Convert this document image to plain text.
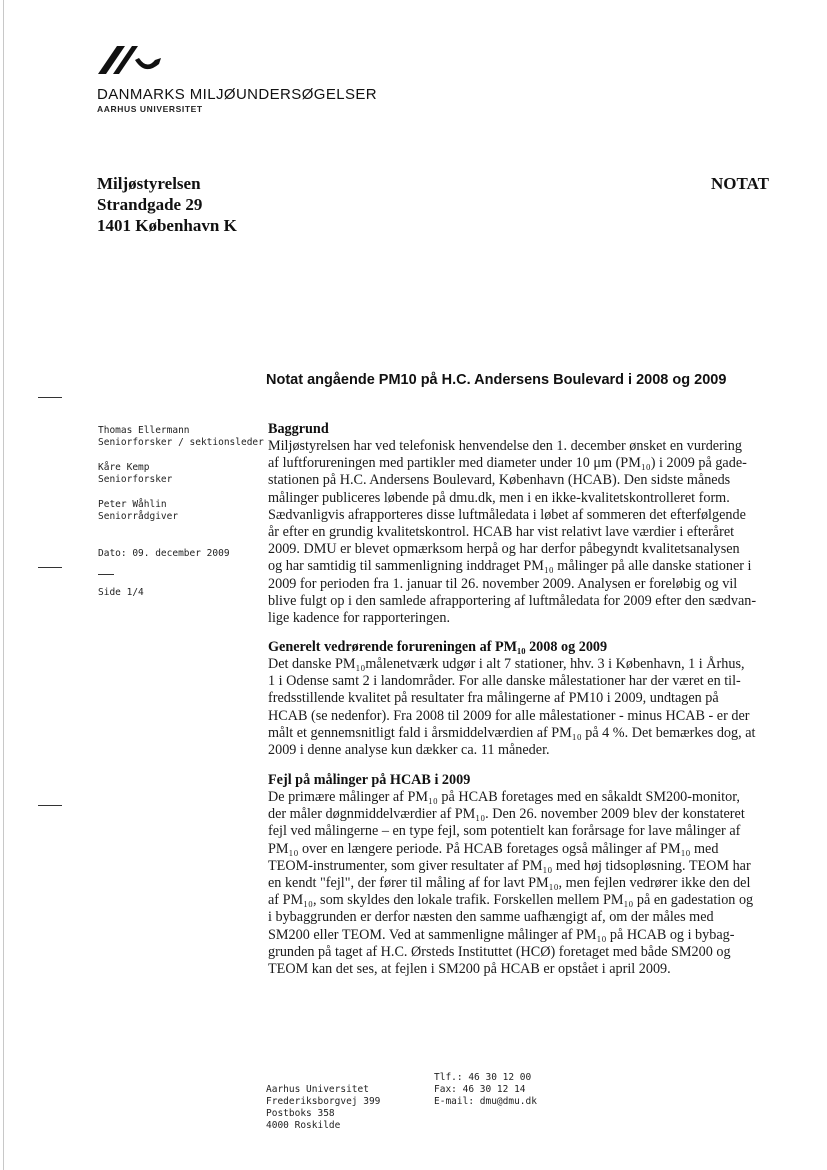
DANMARKS MILJØUNDERSØGELSER
AARHUS UNIVERSITET
Miljøstyrelsen
Strandgade 29
1401 København K
NOTAT
Notat angående PM10 på H.C. Andersens Boulevard i 2008 og 2009
Thomas Ellermann
Seniorforsker / sektionsleder
Kåre Kemp
Seniorforsker
Peter Wåhlin
Seniorrådgiver
Dato: 09. december 2009
Side 1/4
Baggrund
Miljøstyrelsen har ved telefonisk henvendelse den 1. december ønsket en vurdering
af luftforureningen med partikler med diameter under 10 μm (PM₁₀) i 2009 på gade-
stationen på H.C. Andersens Boulevard, København (HCAB). Den sidste måneds
målinger publiceres løbende på dmu.dk, men i en ikke-kvalitetskontrolleret form.
Sædvanligvis afrapporteres disse luftmåledata i løbet af sommeren det efterfølgende
år efter en grundig kvalitetskontrol. HCAB har vist relativt lave værdier i efteråret
2009. DMU er blevet opmærksom herpå og har derfor påbegyndt kvalitetsanalysen
og har samtidig til sammenligning inddraget PM₁₀ målinger på alle danske stationer i
2009 for perioden fra 1. januar til 26. november 2009. Analysen er foreløbig og vil
blive fulgt op i den samlede afrapportering af luftmåledata for 2009 efter den sædvan-
lige kadence for rapporteringen.
Generelt vedrørende forureningen af PM₁₀ 2008 og 2009
Det danske PM₁₀målenetværk udgør i alt 7 stationer, hhv. 3 i København, 1 i Århus,
1 i Odense samt 2 i landområder. For alle danske målestationer har der været en til-
fredsstillende kvalitet på resultater fra målingerne af PM10 i 2009, undtagen på
HCAB (se nedenfor). Fra 2008 til 2009 for alle målestationer - minus HCAB - er der
målt et gennemsnitligt fald i årsmiddelværdien af PM₁₀ på 4 %. Det bemærkes dog, at
2009 i denne analyse kun dækker ca. 11 måneder.
Fejl på målinger på HCAB i 2009
De primære målinger af PM₁₀ på HCAB foretages med en såkaldt SM200-monitor,
der måler døgnmiddelværdier af PM₁₀. Den 26. november 2009 blev der konstateret
fejl ved målingerne – en type fejl, som potentielt kan forårsage for lave målinger af
PM₁₀ over en længere periode. På HCAB foretages også målinger af PM₁₀ med
TEOM-instrumenter, som giver resultater af PM₁₀ med høj tidsopløsning. TEOM har
en kendt "fejl", der fører til måling af for lavt PM₁₀, men fejlen vedrører ikke den del
af PM₁₀, som skyldes den lokale trafik. Forskellen mellem PM₁₀ på en gadestation og
i bybaggrunden er derfor næsten den samme uafhængigt af, om der måles med
SM200 eller TEOM. Ved at sammenligne målinger af PM₁₀ på HCAB og i bybag-
grunden på taget af H.C. Ørsteds Instituttet (HCØ) foretaget med både SM200 og
TEOM kan det ses, at fejlen i SM200 på HCAB er opstået i april 2009.
Aarhus Universitet
Frederiksborgvej 399
Postboks 358
4000 Roskilde
Tlf.: 46 30 12 00
Fax: 46 30 12 14
E-mail: dmu@dmu.dk
